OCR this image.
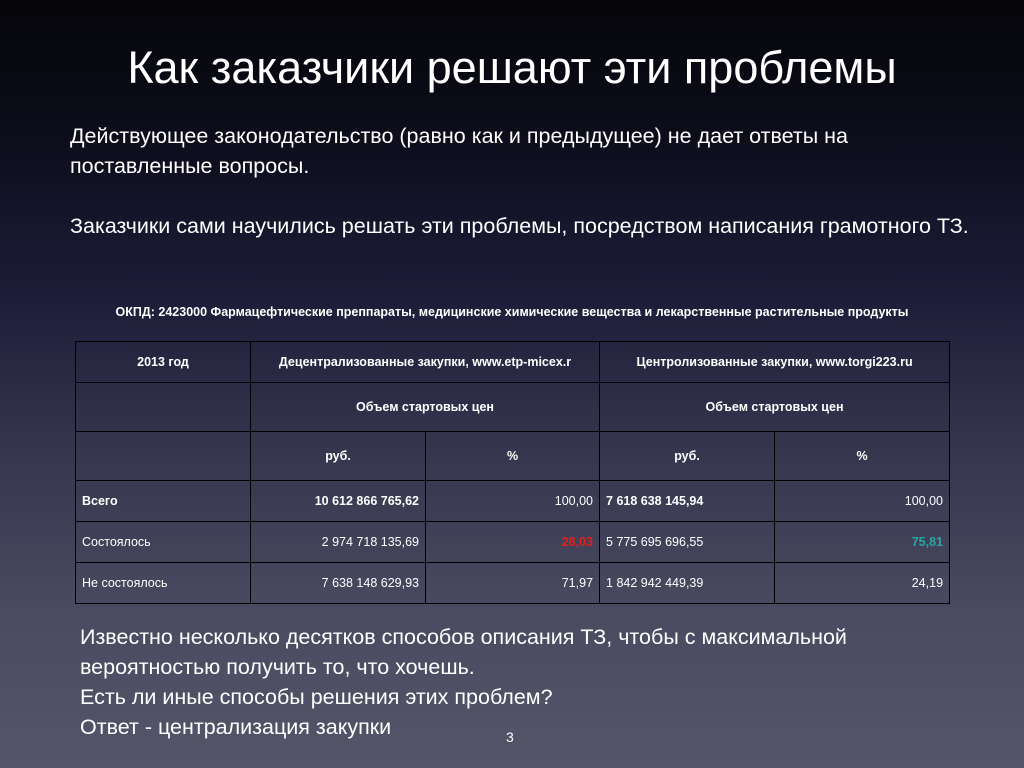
Как заказчики решают эти проблемы

Действующее законодательство (равно как и предыдущее) не дает ответы на поставленные вопросы.

Заказчики сами научились решать эти проблемы, посредством написания грамотного ТЗ.

ОКПД: 2423000 Фармацефтические преппараты, медицинские химические вещества и лекарственные растительные продукты
2013 год	Децентрализованные закупки, www.etp-micex.r		Центролизованные закупки, www.torgi223.ru	
	Объем стартовых цен		Объем стартовых цен	
	руб.	%	руб.	%
Всего	10 612 866 765,62	100,00	7 618 638 145,94	100,00
Состоялось	2 974 718 135,69	28,03	5 775 695 696,55	75,81
Не состоялось	7 638 148 629,93	71,97	1 842 942 449,39	24,19

Известно несколько десятков способов описания ТЗ, чтобы с максимальной вероятностью получить то, что хочешь.

Есть ли иные способы решения этих проблем?

Ответ - централизация закупки	3
